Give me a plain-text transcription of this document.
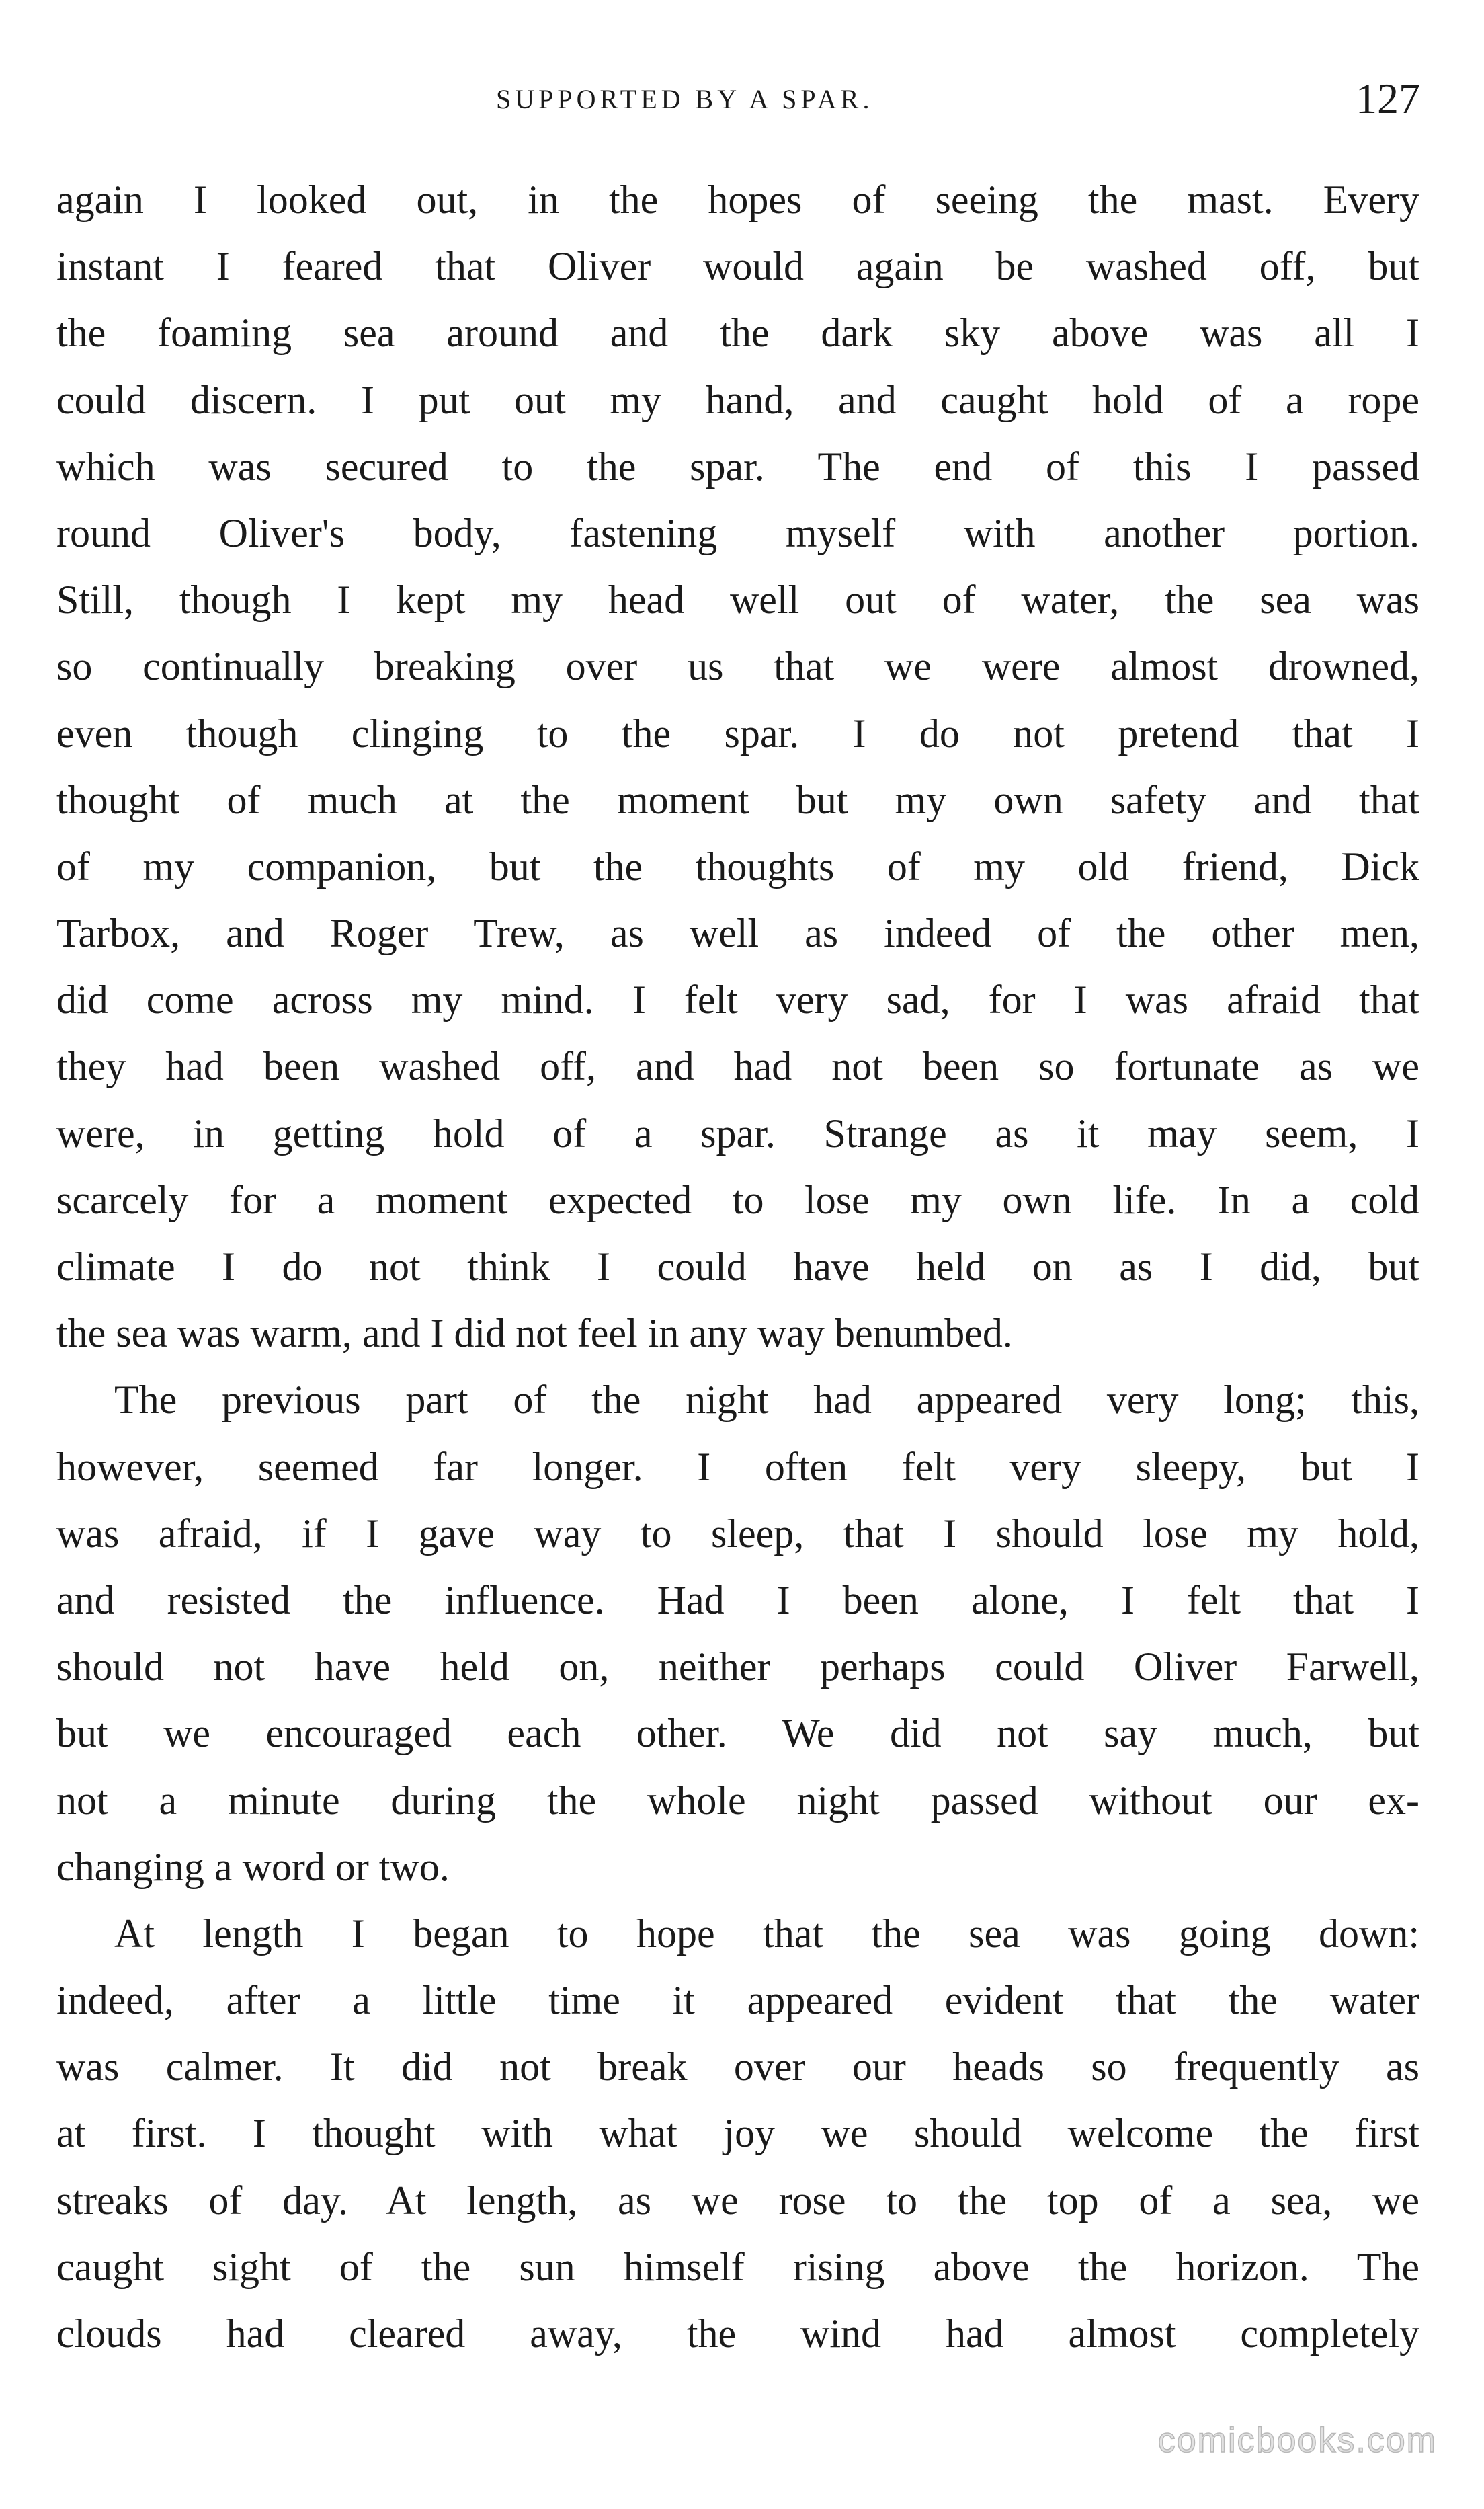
SUPPORTED BY A SPAR.	127
again I looked out, in the hopes of seeing the mast. Every
instant I feared that Oliver would again be washed off, but
the foaming sea around and the dark sky above was all I
could discern. I put out my hand, and caught hold of a rope
which was secured to the spar. The end of this I passed
round Oliver's body, fastening myself with another portion.
Still, though I kept my head well out of water, the sea was
so continually breaking over us that we were almost drowned,
even though clinging to the spar. I do not pretend that I
thought of much at the moment but my own safety and that
of my companion, but the thoughts of my old friend, Dick
Tarbox, and Roger Trew, as well as indeed of the other men,
did come across my mind. I felt very sad, for I was afraid that
they had been washed off, and had not been so fortunate as we
were, in getting hold of a spar. Strange as it may seem, I
scarcely for a moment expected to lose my own life. In a cold
climate I do not think I could have held on as I did, but
the sea was warm, and I did not feel in any way benumbed.
The previous part of the night had appeared very long; this,
however, seemed far longer. I often felt very sleepy, but I
was afraid, if I gave way to sleep, that I should lose my hold,
and resisted the influence. Had I been alone, I felt that I
should not have held on, neither perhaps could Oliver Farwell,
but we encouraged each other. We did not say much, but
not a minute during the whole night passed without our ex-
changing a word or two.
At length I began to hope that the sea was going down:
indeed, after a little time it appeared evident that the water
was calmer. It did not break over our heads so frequently as
at first. I thought with what joy we should welcome the first
streaks of day. At length, as we rose to the top of a sea, we
caught sight of the sun himself rising above the horizon. The
clouds had cleared away, the wind had almost completely
comicbooks.com
